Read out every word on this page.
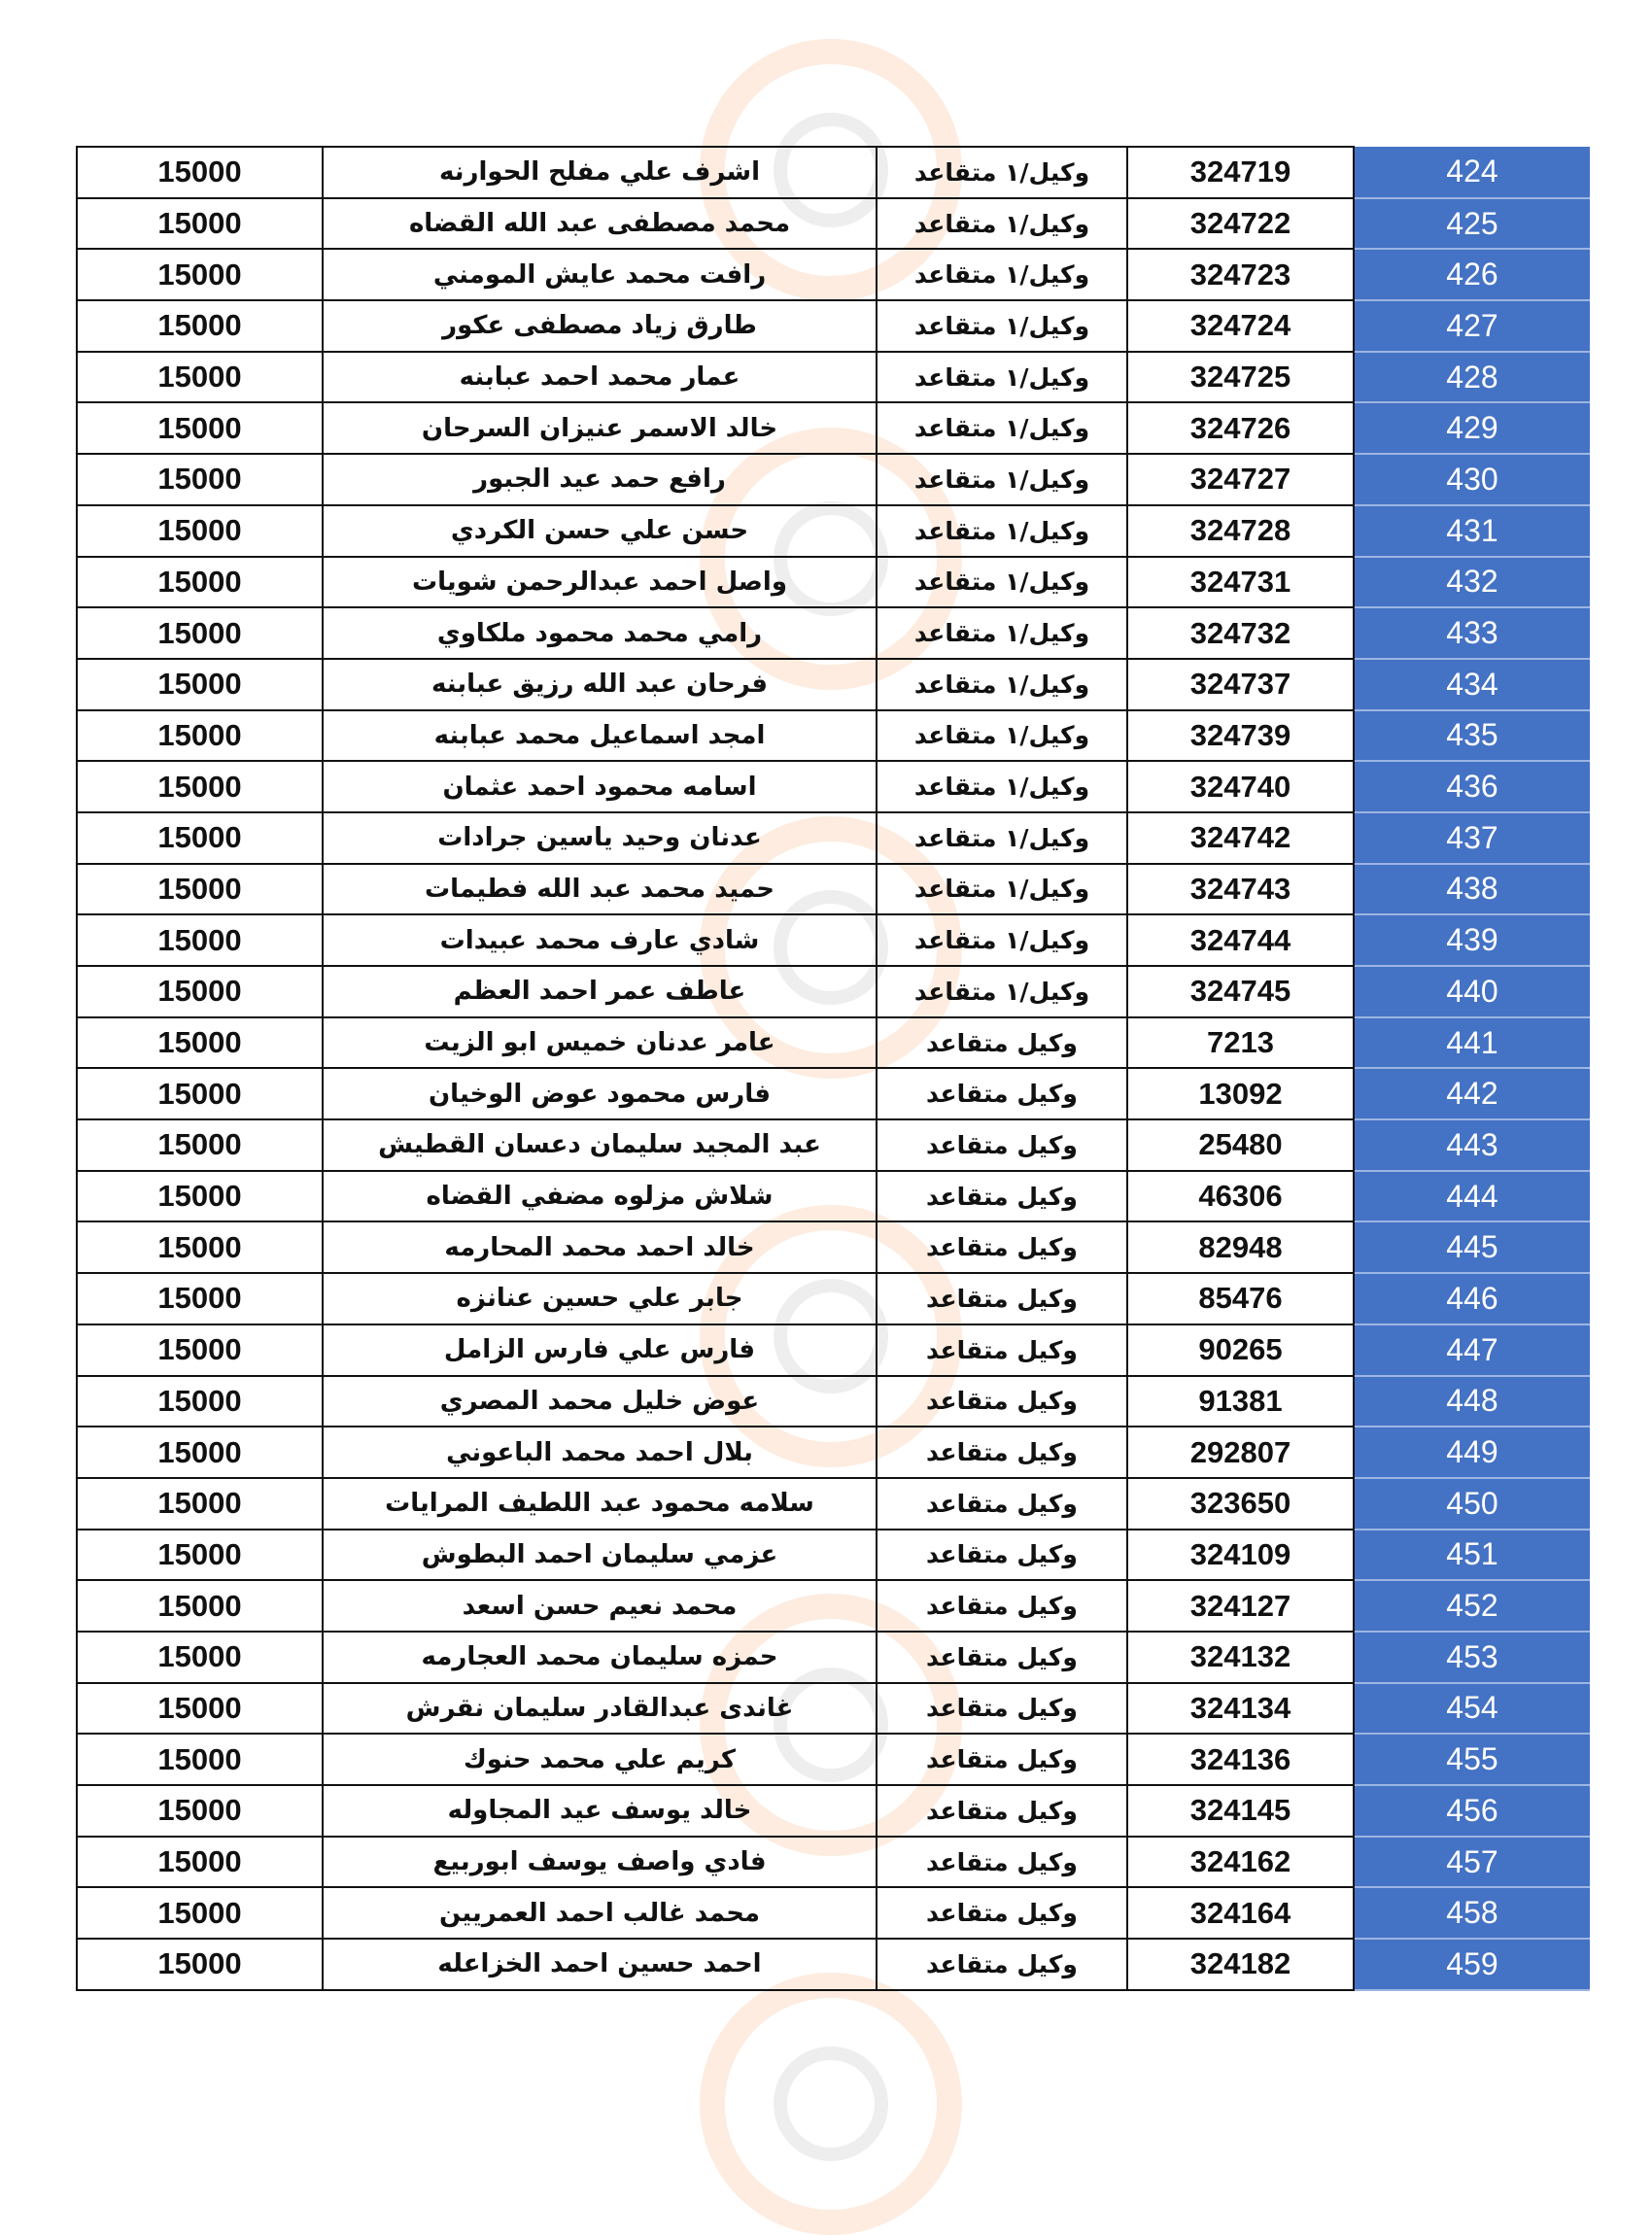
15000	اشرف علي مفلح الحوارنه	وكيل/١ متقاعد	324719	424
15000	محمد مصطفى عبد الله القضاه	وكيل/١ متقاعد	324722	425
15000	رافت محمد عايش المومني	وكيل/١ متقاعد	324723	426
15000	طارق زياد مصطفى عكور	وكيل/١ متقاعد	324724	427
15000	عمار محمد احمد عبابنه	وكيل/١ متقاعد	324725	428
15000	خالد الاسمر عنيزان السرحان	وكيل/١ متقاعد	324726	429
15000	رافع حمد عيد الجبور	وكيل/١ متقاعد	324727	430
15000	حسن علي حسن الكردي	وكيل/١ متقاعد	324728	431
15000	واصل احمد عبدالرحمن شويات	وكيل/١ متقاعد	324731	432
15000	رامي محمد محمود ملكاوي	وكيل/١ متقاعد	324732	433
15000	فرحان عبد الله رزيق عبابنه	وكيل/١ متقاعد	324737	434
15000	امجد اسماعيل محمد عبابنه	وكيل/١ متقاعد	324739	435
15000	اسامه محمود احمد عثمان	وكيل/١ متقاعد	324740	436
15000	عدنان وحيد ياسين جرادات	وكيل/١ متقاعد	324742	437
15000	حميد محمد عبد الله فطيمات	وكيل/١ متقاعد	324743	438
15000	شادي عارف محمد عبيدات	وكيل/١ متقاعد	324744	439
15000	عاطف عمر احمد العظم	وكيل/١ متقاعد	324745	440
15000	عامر عدنان خميس ابو الزيت	وكيل متقاعد	7213	441
15000	فارس محمود عوض الوخيان	وكيل متقاعد	13092	442
15000	عبد المجيد سليمان دعسان القطيش	وكيل متقاعد	25480	443
15000	شلاش مزلوه مضفي القضاه	وكيل متقاعد	46306	444
15000	خالد احمد محمد المحارمه	وكيل متقاعد	82948	445
15000	جابر علي حسين عنانزه	وكيل متقاعد	85476	446
15000	فارس علي فارس الزامل	وكيل متقاعد	90265	447
15000	عوض خليل محمد المصري	وكيل متقاعد	91381	448
15000	بلال احمد محمد الباعوني	وكيل متقاعد	292807	449
15000	سلامه محمود عبد اللطيف المرايات	وكيل متقاعد	323650	450
15000	عزمي سليمان احمد البطوش	وكيل متقاعد	324109	451
15000	محمد نعيم حسن اسعد	وكيل متقاعد	324127	452
15000	حمزه سليمان محمد العجارمه	وكيل متقاعد	324132	453
15000	غاندى عبدالقادر سليمان نقرش	وكيل متقاعد	324134	454
15000	كريم علي محمد حنوك	وكيل متقاعد	324136	455
15000	خالد يوسف عيد المجاوله	وكيل متقاعد	324145	456
15000	فادي واصف يوسف ابوربيع	وكيل متقاعد	324162	457
15000	محمد غالب احمد العمريين	وكيل متقاعد	324164	458
15000	احمد حسين احمد الخزاعله	وكيل متقاعد	324182	459
